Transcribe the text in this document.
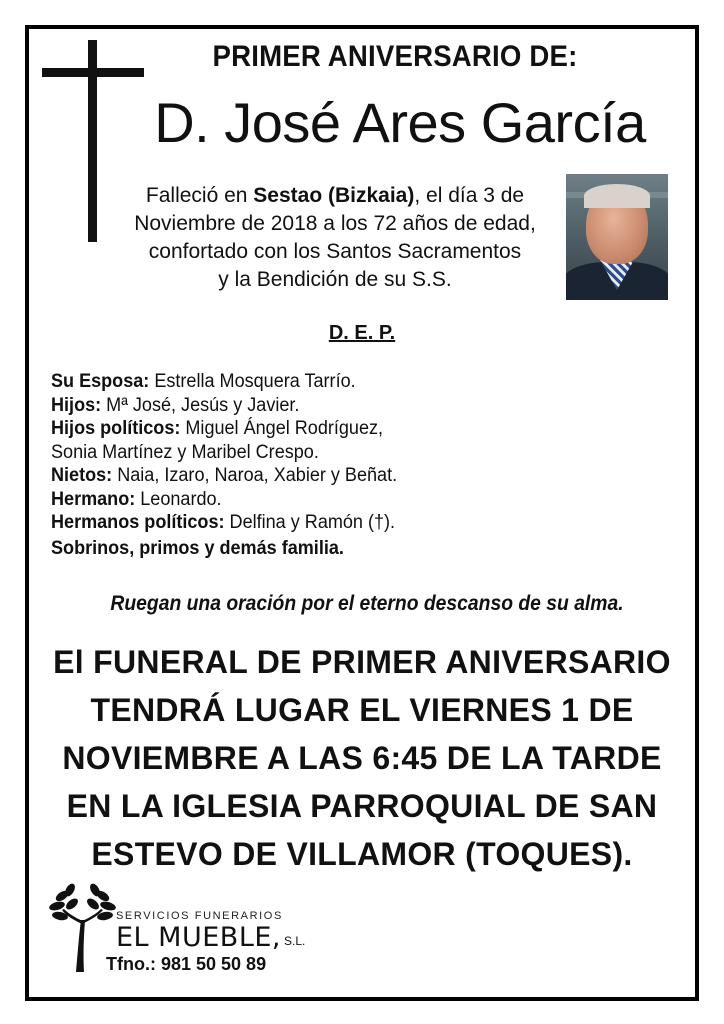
PRIMER ANIVERSARIO DE:
D. José Ares García
Falleció en Sestao (Bizkaia), el día 3 de
Noviembre de 2018 a los 72 años de edad,
confortado con los Santos Sacramentos
y la Bendición de su S.S.
D. E. P.
Su Esposa: Estrella Mosquera Tarrío.
Hijos: Mª José, Jesús y Javier.
Hijos políticos: Miguel Ángel Rodríguez,
Sonia Martínez y Maribel Crespo.
Nietos: Naia, Izaro, Naroa, Xabier y Beñat.
Hermano: Leonardo.
Hermanos políticos: Delfina y Ramón (†).
Sobrinos, primos y demás familia.
Ruegan una oración por el eterno descanso de su alma.
El FUNERAL DE PRIMER ANIVERSARIO
TENDRÁ LUGAR EL VIERNES 1 DE
NOVIEMBRE A LAS 6:45 DE LA TARDE
EN LA IGLESIA PARROQUIAL DE SAN
ESTEVO DE VILLAMOR (TOQUES).
SERVICIOS FUNERARIOS
EL MUEBLE, S.L.
Tfno.: 981 50 50 89
